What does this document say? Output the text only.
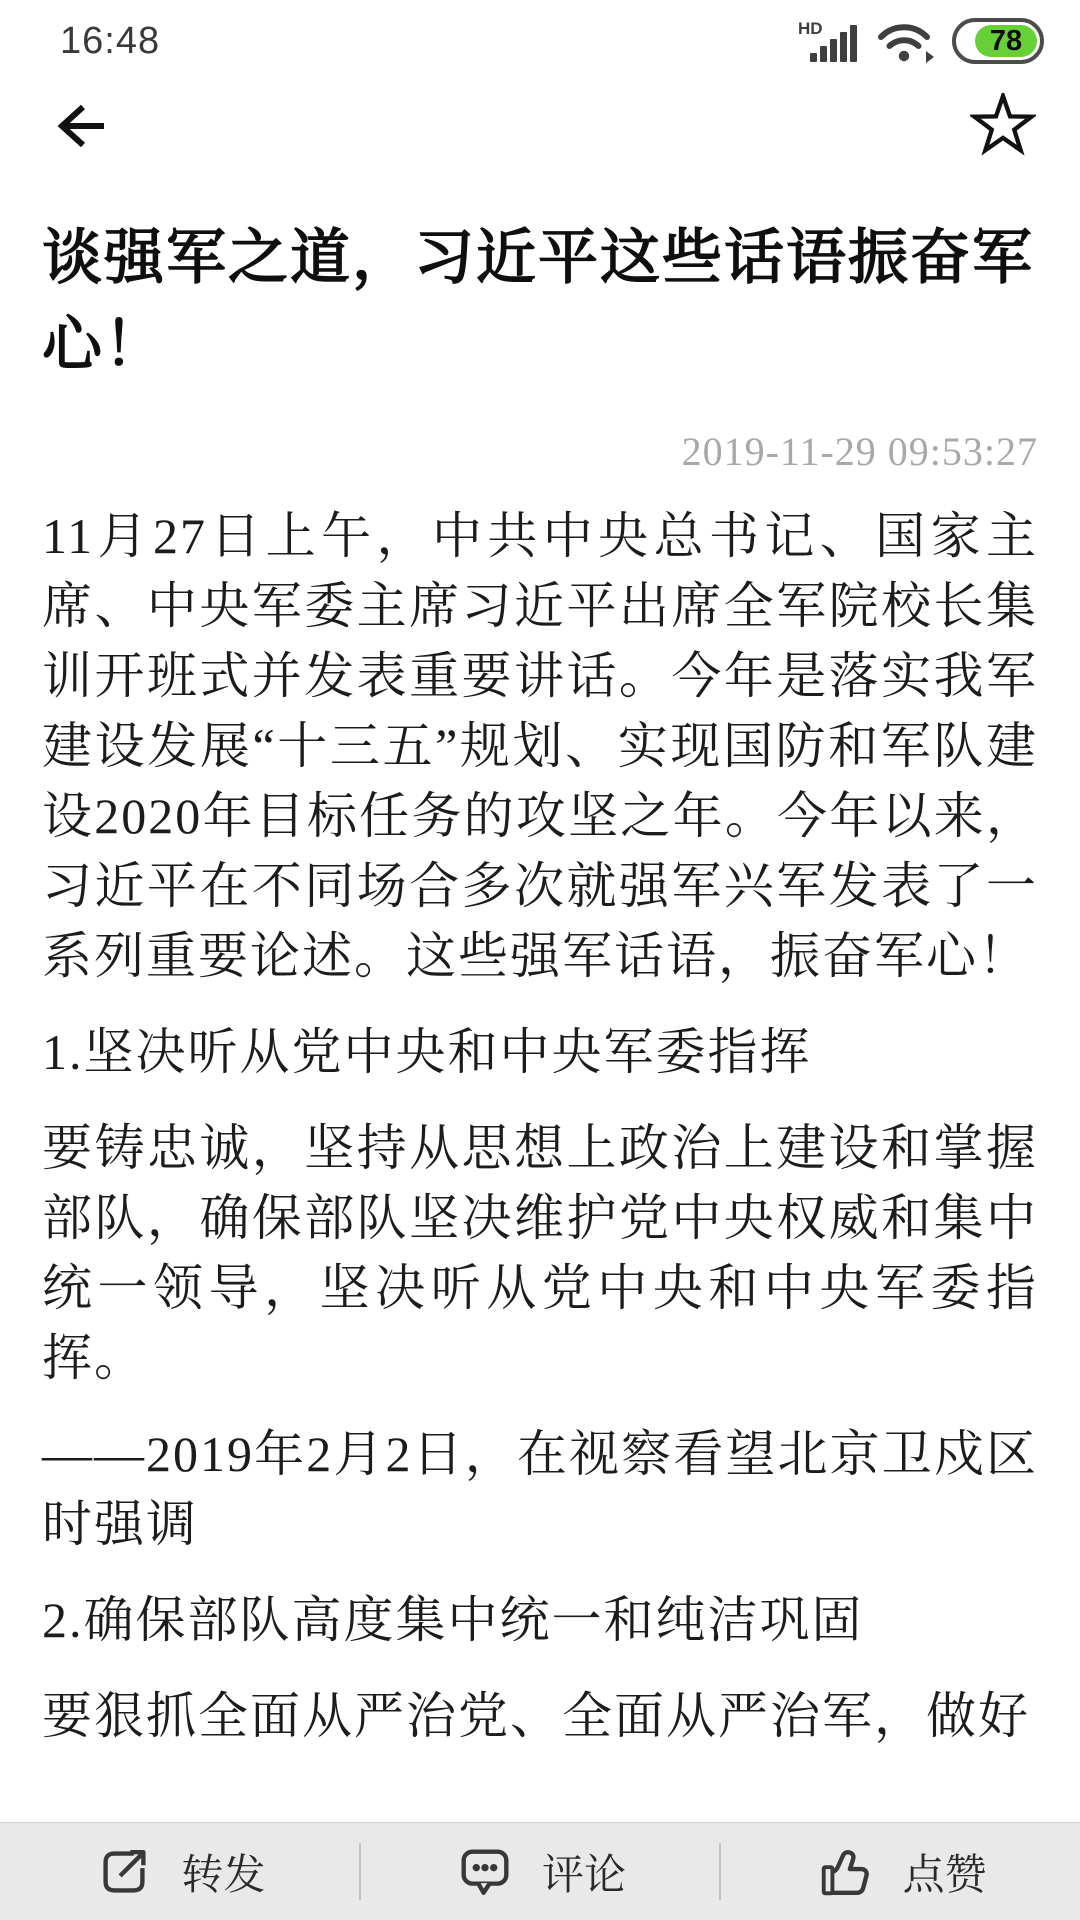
16:48	HD	78
谈强军之道，习近平这些话语振奋军心！
2019-11-29 09:53:27

11月27日上午，中共中央总书记、国家主席、中央军委主席习近平出席全军院校长集训开班式并发表重要讲话。今年是落实我军建设发展“十三五”规划、实现国防和军队建设2020年目标任务的攻坚之年。今年以来，习近平在不同场合多次就强军兴军发表了一系列重要论述。这些强军话语，振奋军心！

1.坚决听从党中央和中央军委指挥

要铸忠诚，坚持从思想上政治上建设和掌握部队，确保部队坚决维护党中央权威和集中统一领导，坚决听从党中央和中央军委指挥。

——2019年2月2日，在视察看望北京卫戍区时强调

2.确保部队高度集中统一和纯洁巩固

要狠抓全面从严治党、全面从严治军，做好

转发	评论	点赞
